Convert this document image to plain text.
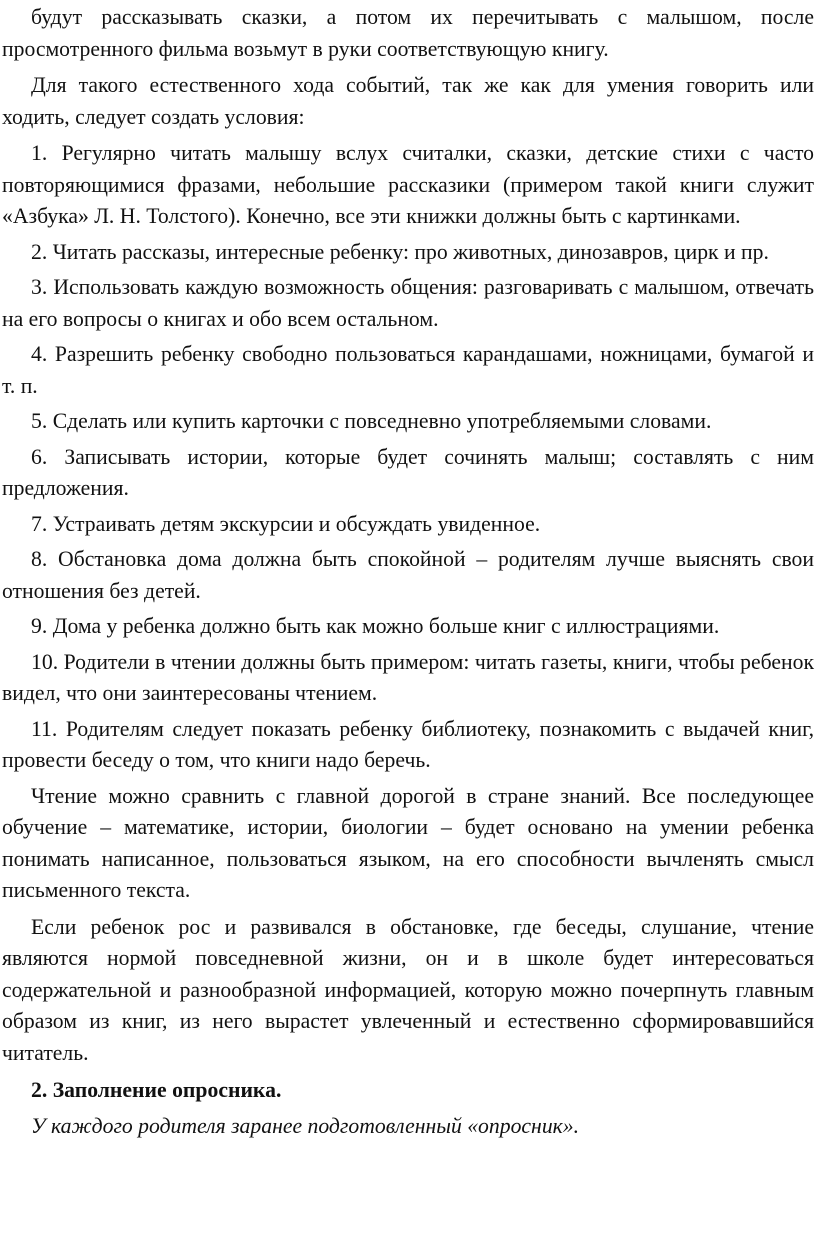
будут рассказывать сказки, а потом их перечитывать с малышом, после просмотренного фильма возьмут в руки соответствующую книгу.

Для такого естественного хода событий, так же как для умения говорить или ходить, следует создать условия:

1. Регулярно читать малышу вслух считалки, сказки, детские стихи с часто повторяющимися фразами, небольшие рассказики (примером такой книги служит «Азбука» Л. Н. Толстого). Конечно, все эти книжки должны быть с картинками.

2. Читать рассказы, интересные ребенку: про животных, динозавров, цирк и пр.

3. Использовать каждую возможность общения: разговаривать с малышом, отвечать на его вопросы о книгах и обо всем остальном.

4. Разрешить ребенку свободно пользоваться карандашами, ножницами, бумагой и т. п.

5. Сделать или купить карточки с повседневно употребляемыми словами.

6. Записывать истории, которые будет сочинять малыш; составлять с ним предложения.

7. Устраивать детям экскурсии и обсуждать увиденное.

8. Обстановка дома должна быть спокойной – родителям лучше выяснять свои отношения без детей.

9. Дома у ребенка должно быть как можно больше книг с иллюстрациями.

10. Родители в чтении должны быть примером: читать газеты, книги, чтобы ребенок видел, что они заинтересованы чтением.

11. Родителям следует показать ребенку библиотеку, познакомить с выдачей книг, провести беседу о том, что книги надо беречь.

Чтение можно сравнить с главной дорогой в стране знаний. Все последующее обучение – математике, истории, биологии – будет основано на умении ребенка понимать написанное, пользоваться языком, на его способности вычленять смысл письменного текста.

Если ребенок рос и развивался в обстановке, где беседы, слушание, чтение являются нормой повседневной жизни, он и в школе будет интересоваться содержательной и разнообразной информацией, которую можно почерпнуть главным образом из книг, из него вырастет увлеченный и естественно сформировавшийся читатель.

2. Заполнение опросника.

У каждого родителя заранее подготовленный «опросник».
